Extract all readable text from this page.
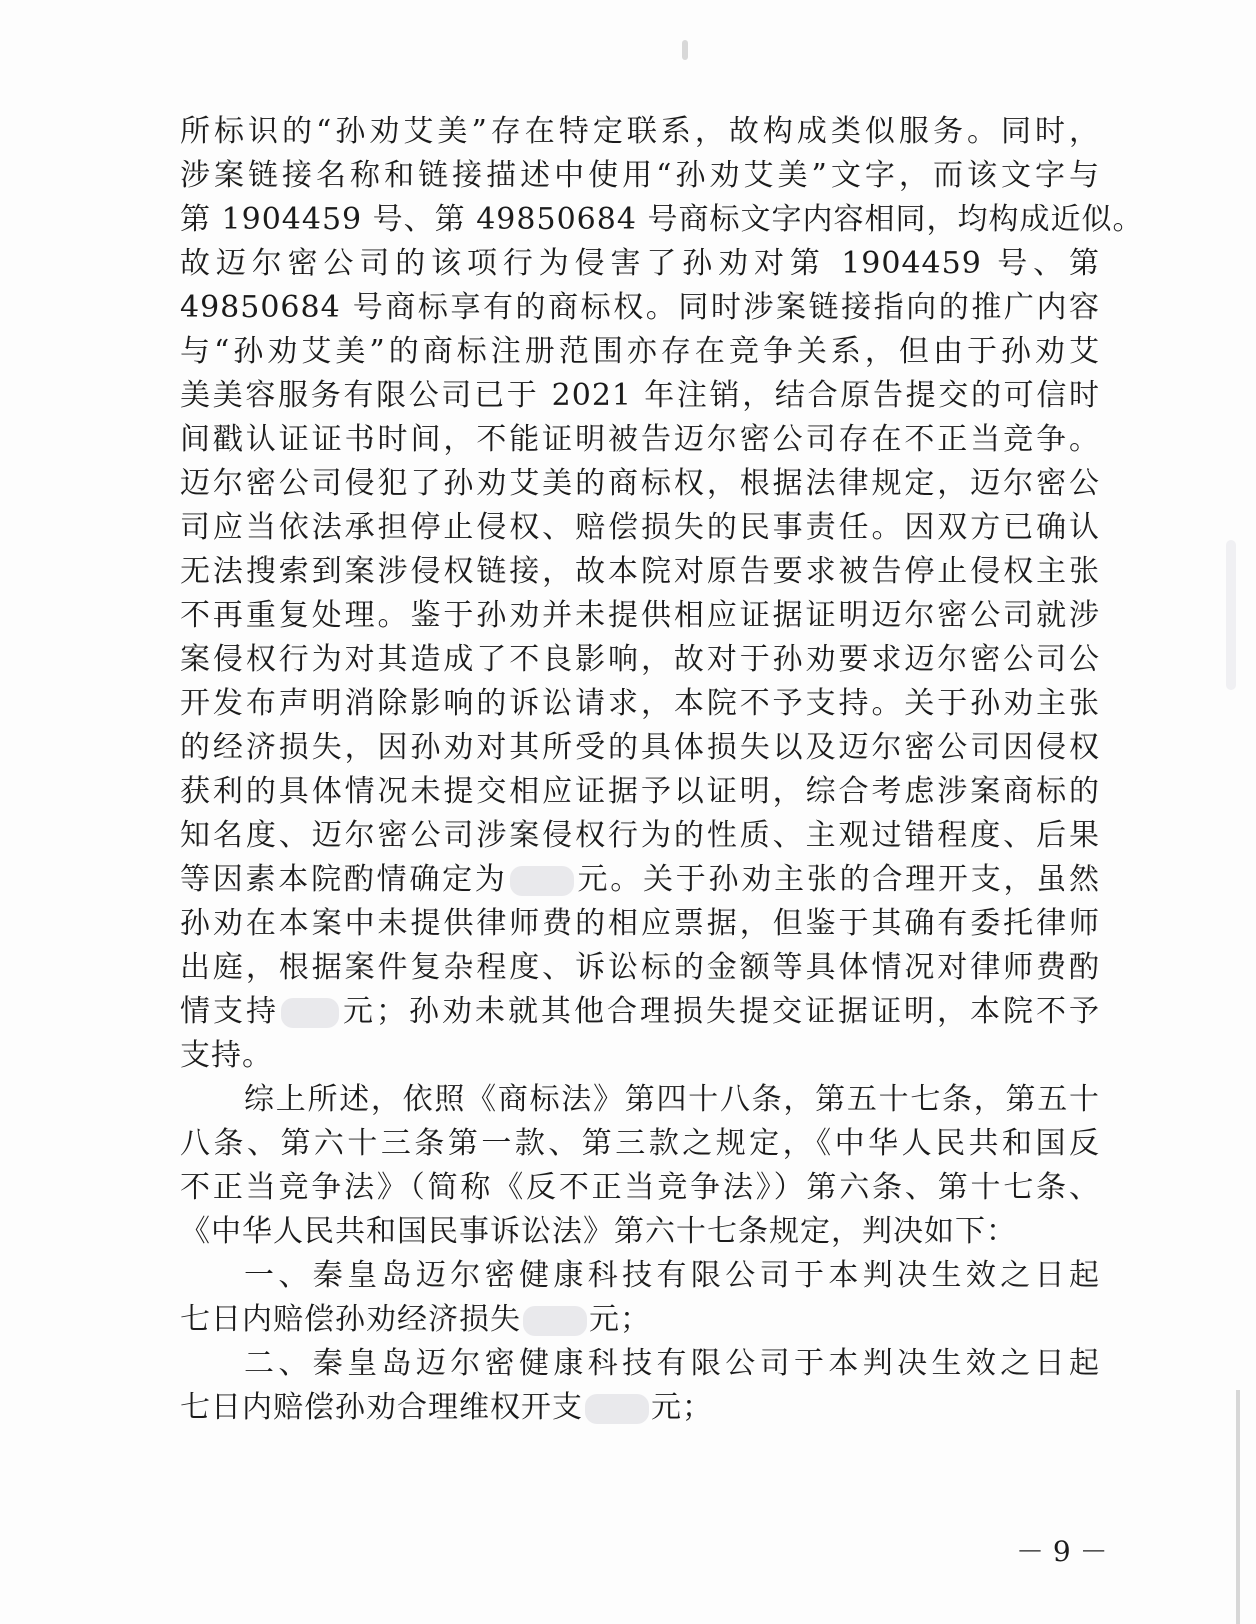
所标识的“孙劝艾美”存在特定联系，故构成类似服务。同时，
涉案链接名称和链接描述中使用“孙劝艾美”文字，而该文字与
第 1904459 号、第 49850684 号商标文字内容相同，均构成近似。
故迈尔密公司的该项行为侵害了孙劝对第 1904459 号、第
49850684 号商标享有的商标权。同时涉案链接指向的推广内容
与“孙劝艾美”的商标注册范围亦存在竞争关系，但由于孙劝艾
美美容服务有限公司已于 2021 年注销，结合原告提交的可信时
间戳认证证书时间，不能证明被告迈尔密公司存在不正当竞争。
迈尔密公司侵犯了孙劝艾美的商标权，根据法律规定，迈尔密公
司应当依法承担停止侵权、赔偿损失的民事责任。因双方已确认
无法搜索到案涉侵权链接，故本院对原告要求被告停止侵权主张
不再重复处理。鉴于孙劝并未提供相应证据证明迈尔密公司就涉
案侵权行为对其造成了不良影响，故对于孙劝要求迈尔密公司公
开发布声明消除影响的诉讼请求，本院不予支持。关于孙劝主张
的经济损失，因孙劝对其所受的具体损失以及迈尔密公司因侵权
获利的具体情况未提交相应证据予以证明，综合考虑涉案商标的
知名度、迈尔密公司涉案侵权行为的性质、主观过错程度、后果
等因素本院酌情确定为 元。关于孙劝主张的合理开支，虽然
孙劝在本案中未提供律师费的相应票据，但鉴于其确有委托律师
出庭，根据案件复杂程度、诉讼标的金额等具体情况对律师费酌
情支持 元；孙劝未就其他合理损失提交证据证明，本院不予
支持。
综上所述，依照《商标法》第四十八条，第五十七条，第五十
八条、第六十三条第一款、第三款之规定，《中华人民共和国反
不正当竞争法》（简称《反不正当竞争法》）第六条、第十七条、
《中华人民共和国民事诉讼法》第六十七条规定，判决如下：
一、秦皇岛迈尔密健康科技有限公司于本判决生效之日起
七日内赔偿孙劝经济损失 元；
二、秦皇岛迈尔密健康科技有限公司于本判决生效之日起
七日内赔偿孙劝合理维权开支 元；
－ 9 －
